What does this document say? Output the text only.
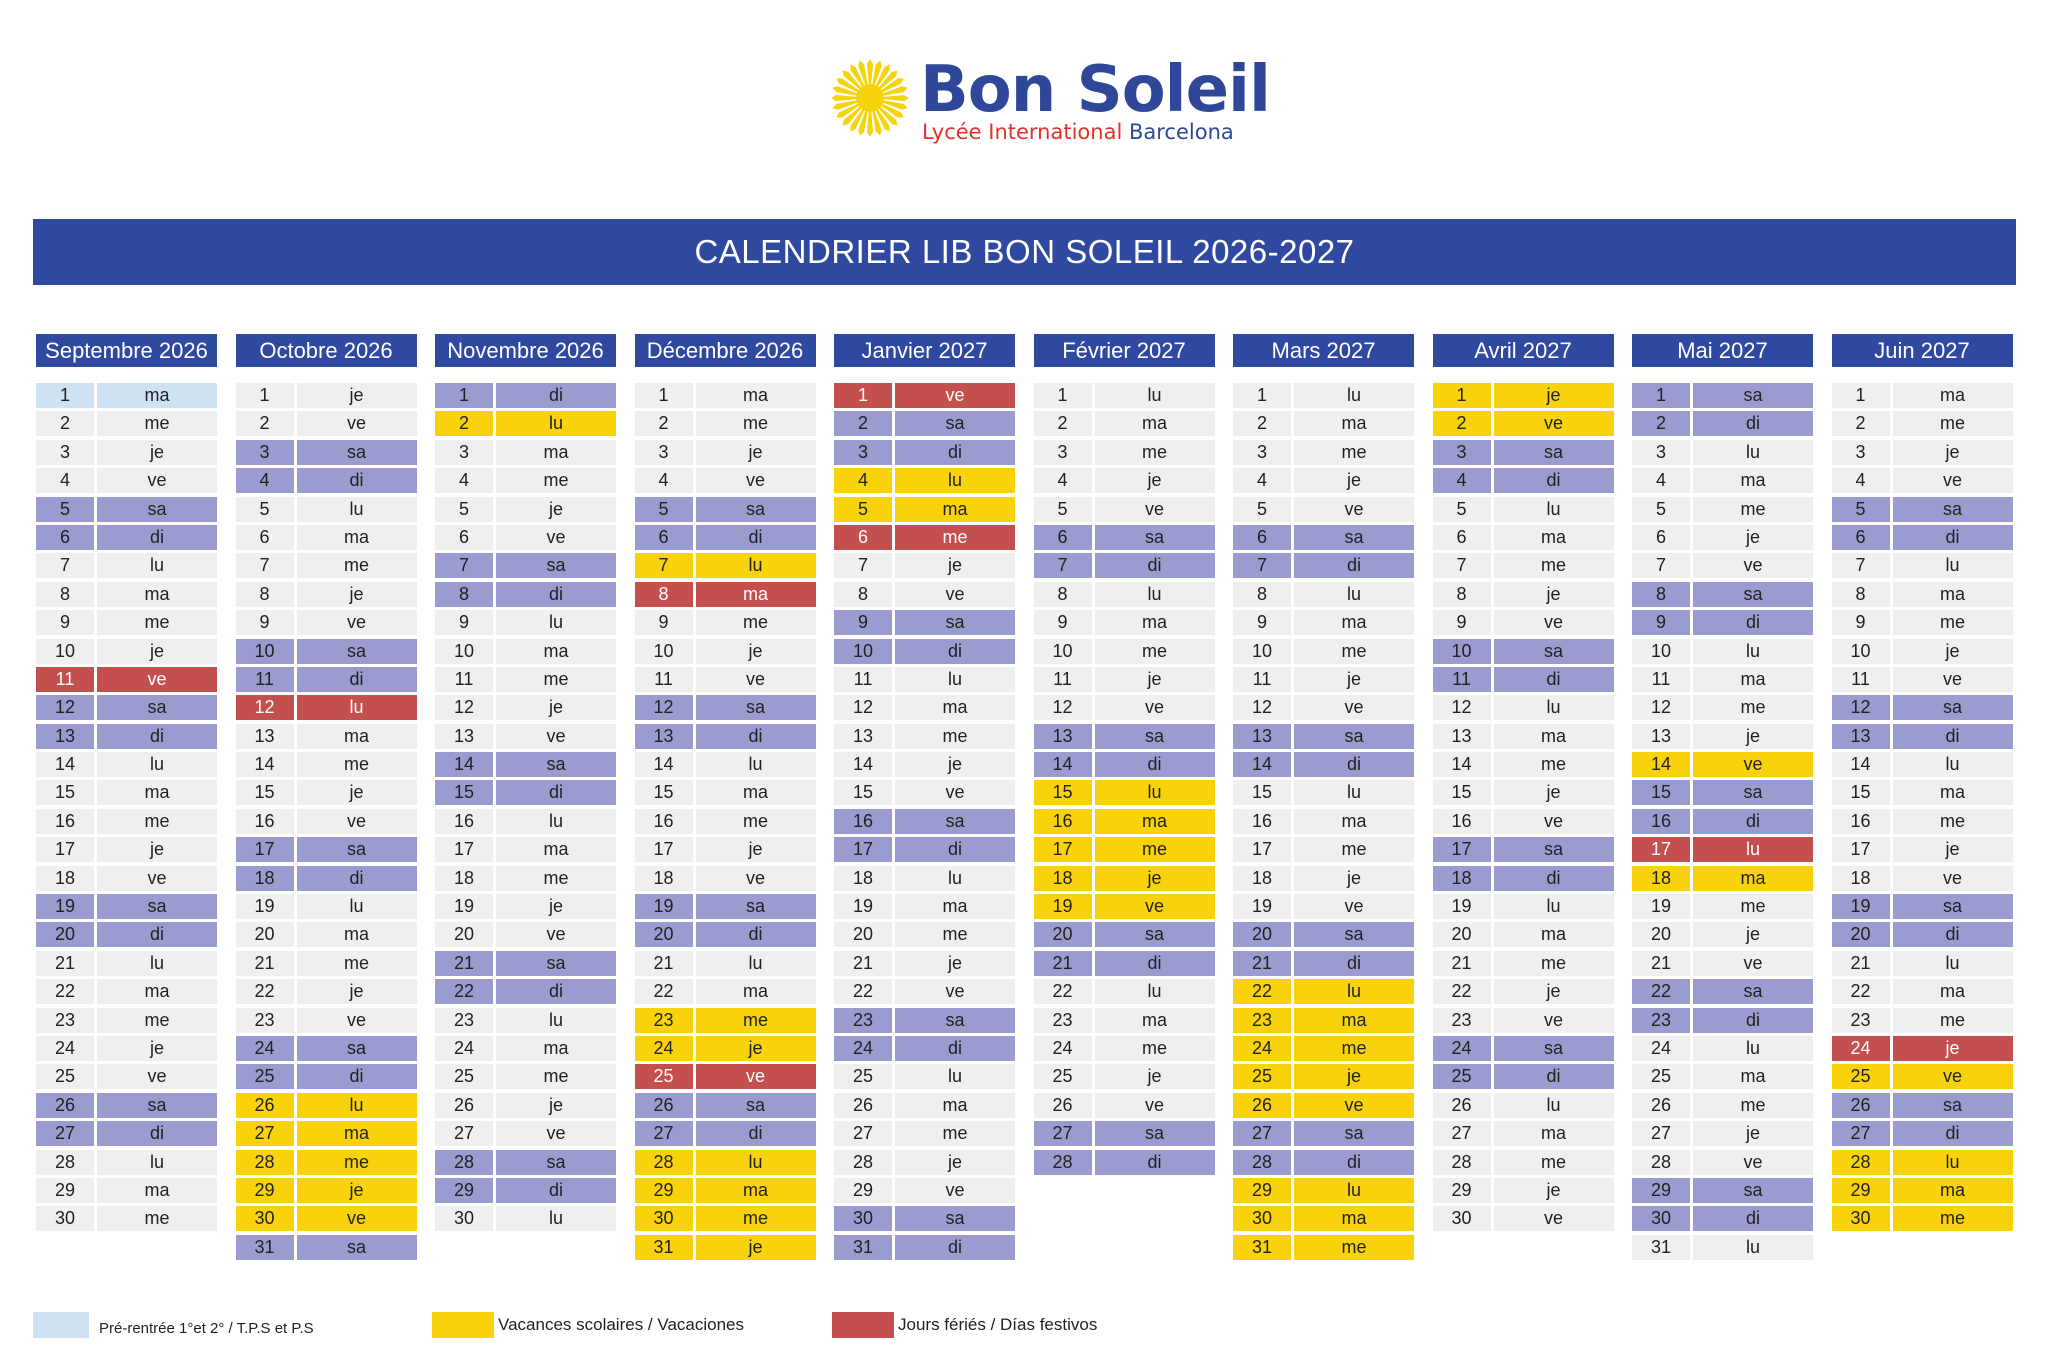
Bon Soleil
Lycée International Barcelona
CALENDRIER LIB BON SOLEIL 2026-2027
Septembre 2026
1	ma
2	me
3	je
4	ve
5	sa
6	di
7	lu
8	ma
9	me
10	je
11	ve
12	sa
13	di
14	lu
15	ma
16	me
17	je
18	ve
19	sa
20	di
21	lu
22	ma
23	me
24	je
25	ve
26	sa
27	di
28	lu
29	ma
30	me
Octobre 2026
1	je
2	ve
3	sa
4	di
5	lu
6	ma
7	me
8	je
9	ve
10	sa
11	di
12	lu
13	ma
14	me
15	je
16	ve
17	sa
18	di
19	lu
20	ma
21	me
22	je
23	ve
24	sa
25	di
26	lu
27	ma
28	me
29	je
30	ve
31	sa
Novembre 2026
1	di
2	lu
3	ma
4	me
5	je
6	ve
7	sa
8	di
9	lu
10	ma
11	me
12	je
13	ve
14	sa
15	di
16	lu
17	ma
18	me
19	je
20	ve
21	sa
22	di
23	lu
24	ma
25	me
26	je
27	ve
28	sa
29	di
30	lu
Décembre 2026
1	ma
2	me
3	je
4	ve
5	sa
6	di
7	lu
8	ma
9	me
10	je
11	ve
12	sa
13	di
14	lu
15	ma
16	me
17	je
18	ve
19	sa
20	di
21	lu
22	ma
23	me
24	je
25	ve
26	sa
27	di
28	lu
29	ma
30	me
31	je
Janvier 2027
1	ve
2	sa
3	di
4	lu
5	ma
6	me
7	je
8	ve
9	sa
10	di
11	lu
12	ma
13	me
14	je
15	ve
16	sa
17	di
18	lu
19	ma
20	me
21	je
22	ve
23	sa
24	di
25	lu
26	ma
27	me
28	je
29	ve
30	sa
31	di
Février 2027
1	lu
2	ma
3	me
4	je
5	ve
6	sa
7	di
8	lu
9	ma
10	me
11	je
12	ve
13	sa
14	di
15	lu
16	ma
17	me
18	je
19	ve
20	sa
21	di
22	lu
23	ma
24	me
25	je
26	ve
27	sa
28	di
Mars 2027
1	lu
2	ma
3	me
4	je
5	ve
6	sa
7	di
8	lu
9	ma
10	me
11	je
12	ve
13	sa
14	di
15	lu
16	ma
17	me
18	je
19	ve
20	sa
21	di
22	lu
23	ma
24	me
25	je
26	ve
27	sa
28	di
29	lu
30	ma
31	me
Avril 2027
1	je
2	ve
3	sa
4	di
5	lu
6	ma
7	me
8	je
9	ve
10	sa
11	di
12	lu
13	ma
14	me
15	je
16	ve
17	sa
18	di
19	lu
20	ma
21	me
22	je
23	ve
24	sa
25	di
26	lu
27	ma
28	me
29	je
30	ve
Mai 2027
1	sa
2	di
3	lu
4	ma
5	me
6	je
7	ve
8	sa
9	di
10	lu
11	ma
12	me
13	je
14	ve
15	sa
16	di
17	lu
18	ma
19	me
20	je
21	ve
22	sa
23	di
24	lu
25	ma
26	me
27	je
28	ve
29	sa
30	di
31	lu
Juin 2027
1	ma
2	me
3	je
4	ve
5	sa
6	di
7	lu
8	ma
9	me
10	je
11	ve
12	sa
13	di
14	lu
15	ma
16	me
17	je
18	ve
19	sa
20	di
21	lu
22	ma
23	me
24	je
25	ve
26	sa
27	di
28	lu
29	ma
30	me
Pré-rentrée 1°et 2° / T.P.S et P.S	Vacances scolaires / Vacaciones	Jours fériés / Días festivos
